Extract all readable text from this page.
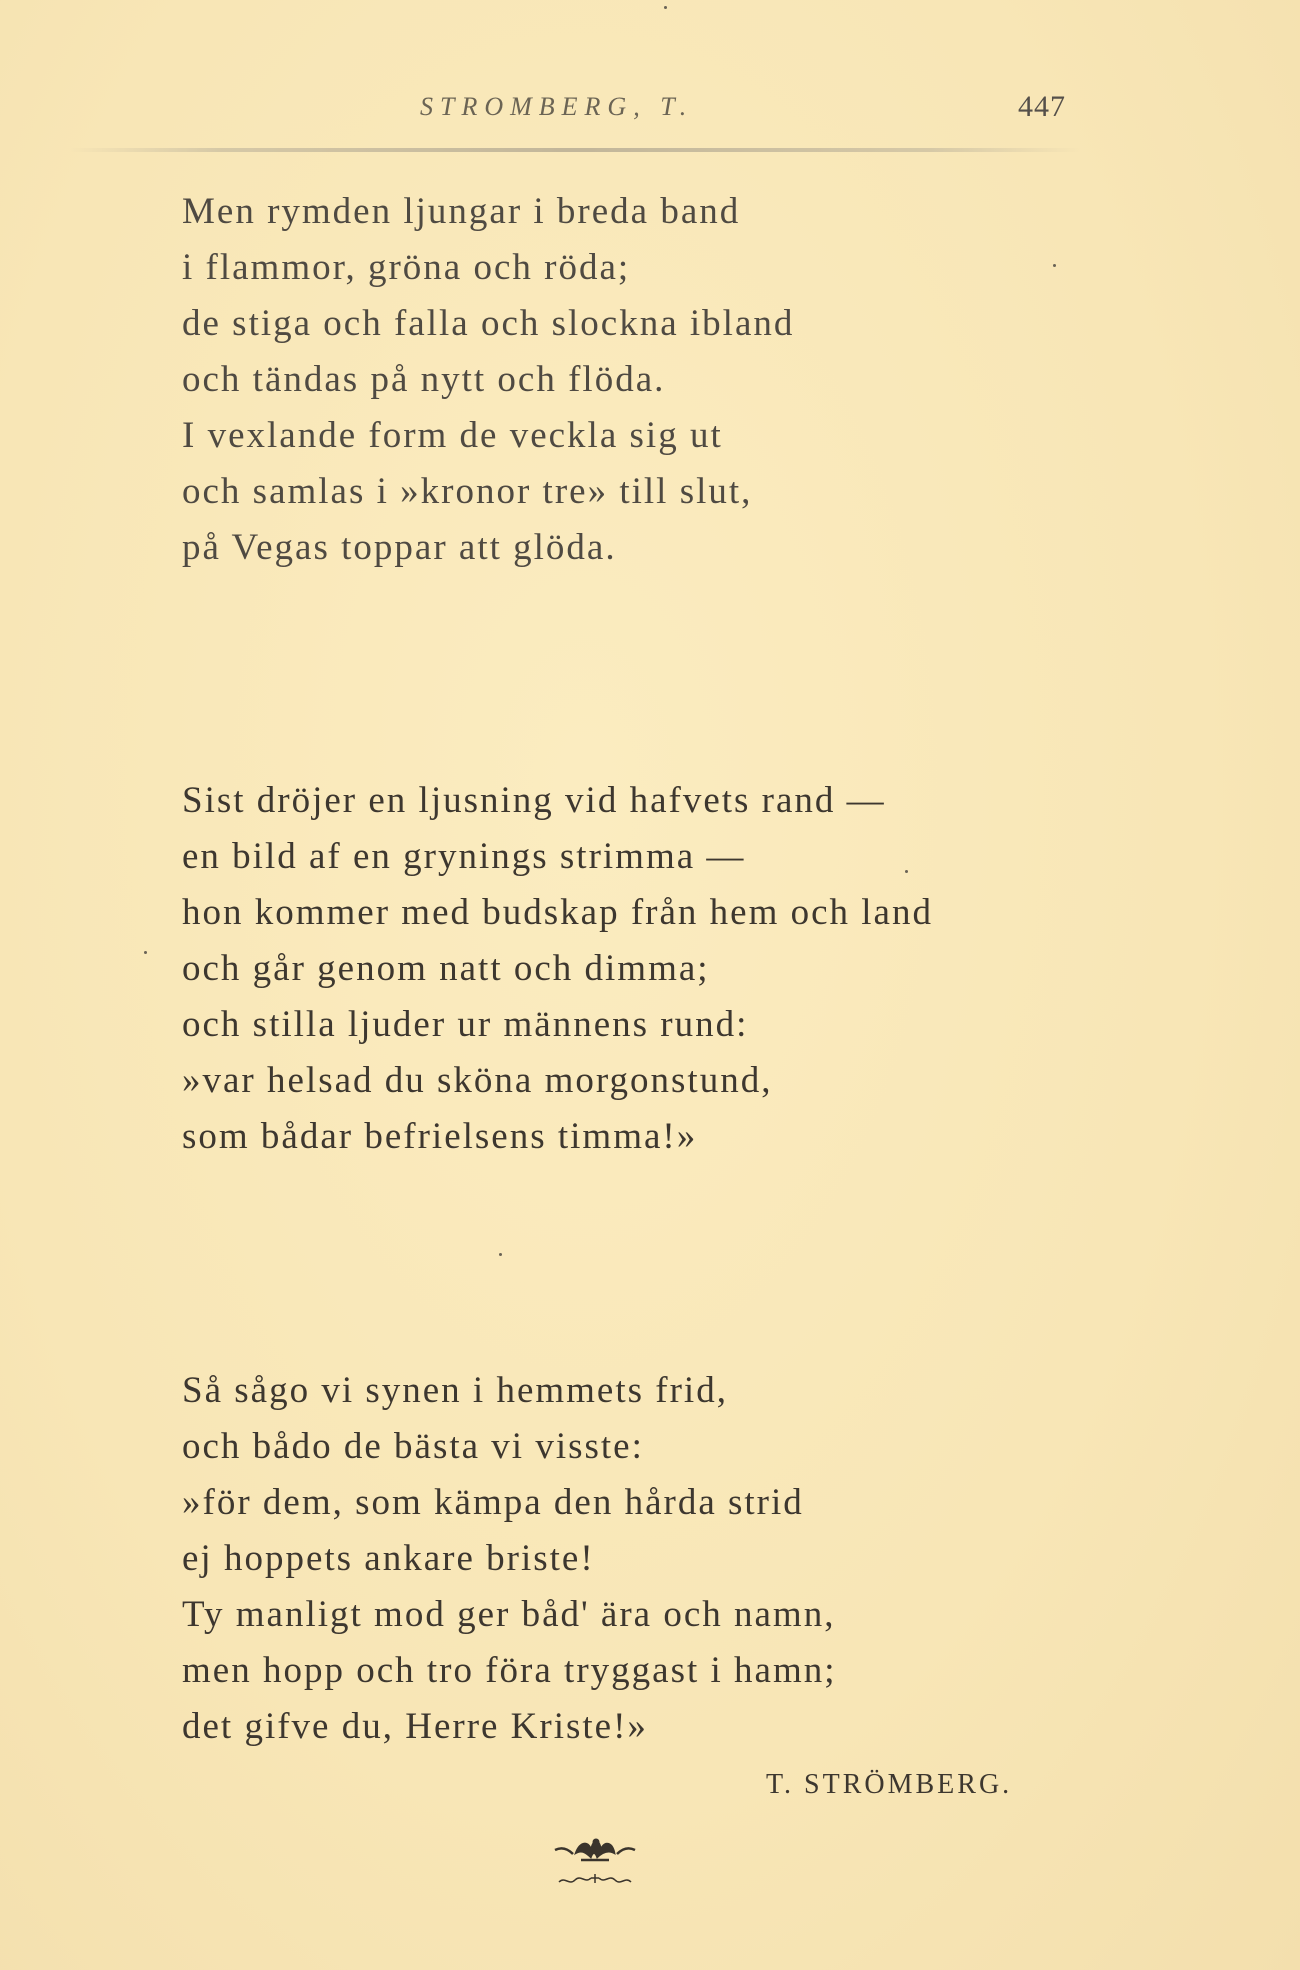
STROMBERG, T.	447
Men rymden ljungar i breda band
i flammor, gröna och röda;
de stiga och falla och slockna ibland
och tändas på nytt och flöda.
I vexlande form de veckla sig ut
och samlas i »kronor tre» till slut,
på Vegas toppar att glöda.
Sist dröjer en ljusning vid hafvets rand —
en bild af en grynings strimma —
hon kommer med budskap från hem och land
och går genom natt och dimma;
och stilla ljuder ur männens rund:
»var helsad du sköna morgonstund,
som bådar befrielsens timma!»
Så sågo vi synen i hemmets frid,
och bådo de bästa vi visste:
»för dem, som kämpa den hårda strid
ej hoppets ankare briste!
Ty manligt mod ger båd' ära och namn,
men hopp och tro föra tryggast i hamn;
det gifve du, Herre Kriste!»
T. STRÖMBERG.
